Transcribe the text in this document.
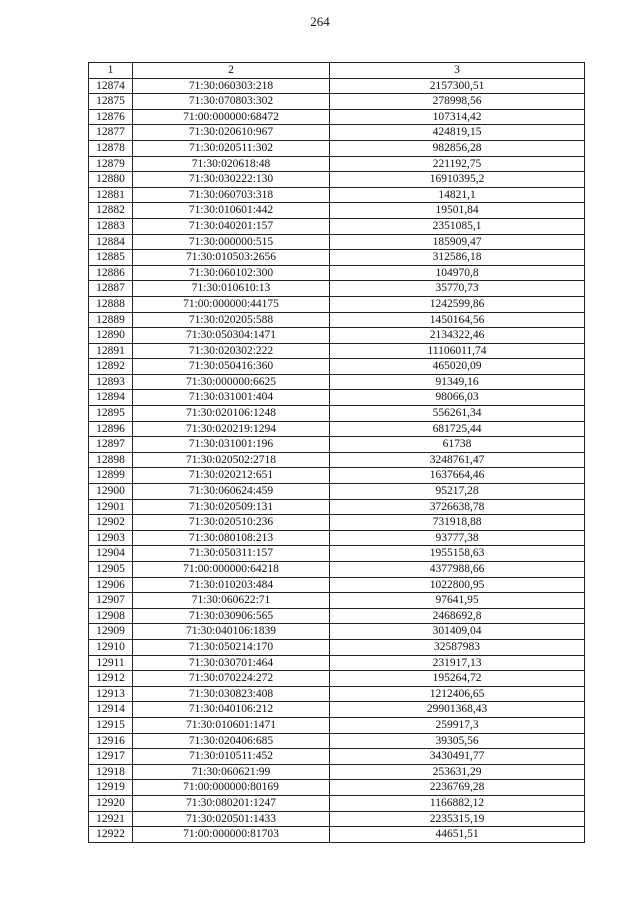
264
1	2	3
12874	71:30:060303:218	2157300,51
12875	71:30:070803:302	278998,56
12876	71:00:000000:68472	107314,42
12877	71:30:020610:967	424819,15
12878	71:30:020511:302	982856,28
12879	71:30:020618:48	221192,75
12880	71:30:030222:130	16910395,2
12881	71:30:060703:318	14821,1
12882	71:30:010601:442	19501,84
12883	71:30:040201:157	2351085,1
12884	71:30:000000:515	185909,47
12885	71:30:010503:2656	312586,18
12886	71:30:060102:300	104970,8
12887	71:30:010610:13	35770,73
12888	71:00:000000:44175	1242599,86
12889	71:30:020205:588	1450164,56
12890	71:30:050304:1471	2134322,46
12891	71:30:020302:222	11106011,74
12892	71:30:050416:360	465020,09
12893	71:30:000000:6625	91349,16
12894	71:30:031001:404	98066,03
12895	71:30:020106:1248	556261,34
12896	71:30:020219:1294	681725,44
12897	71:30:031001:196	61738
12898	71:30:020502:2718	3248761,47
12899	71:30:020212:651	1637664,46
12900	71:30:060624:459	95217,28
12901	71:30:020509:131	3726638,78
12902	71:30:020510:236	731918,88
12903	71:30:080108:213	93777,38
12904	71:30:050311:157	1955158,63
12905	71:00:000000:64218	4377988,66
12906	71:30:010203:484	1022800,95
12907	71:30:060622:71	97641,95
12908	71:30:030906:565	2468692,8
12909	71:30:040106:1839	301409,04
12910	71:30:050214:170	32587983
12911	71:30:030701:464	231917,13
12912	71:30:070224:272	195264,72
12913	71:30:030823:408	1212406,65
12914	71:30:040106:212	29901368,43
12915	71:30:010601:1471	259917,3
12916	71:30:020406:685	39305,56
12917	71:30:010511:452	3430491,77
12918	71:30:060621:99	253631,29
12919	71:00:000000:80169	2236769,28
12920	71:30:080201:1247	1166882,12
12921	71:30:020501:1433	2235315,19
12922	71:00:000000:81703	44651,51
